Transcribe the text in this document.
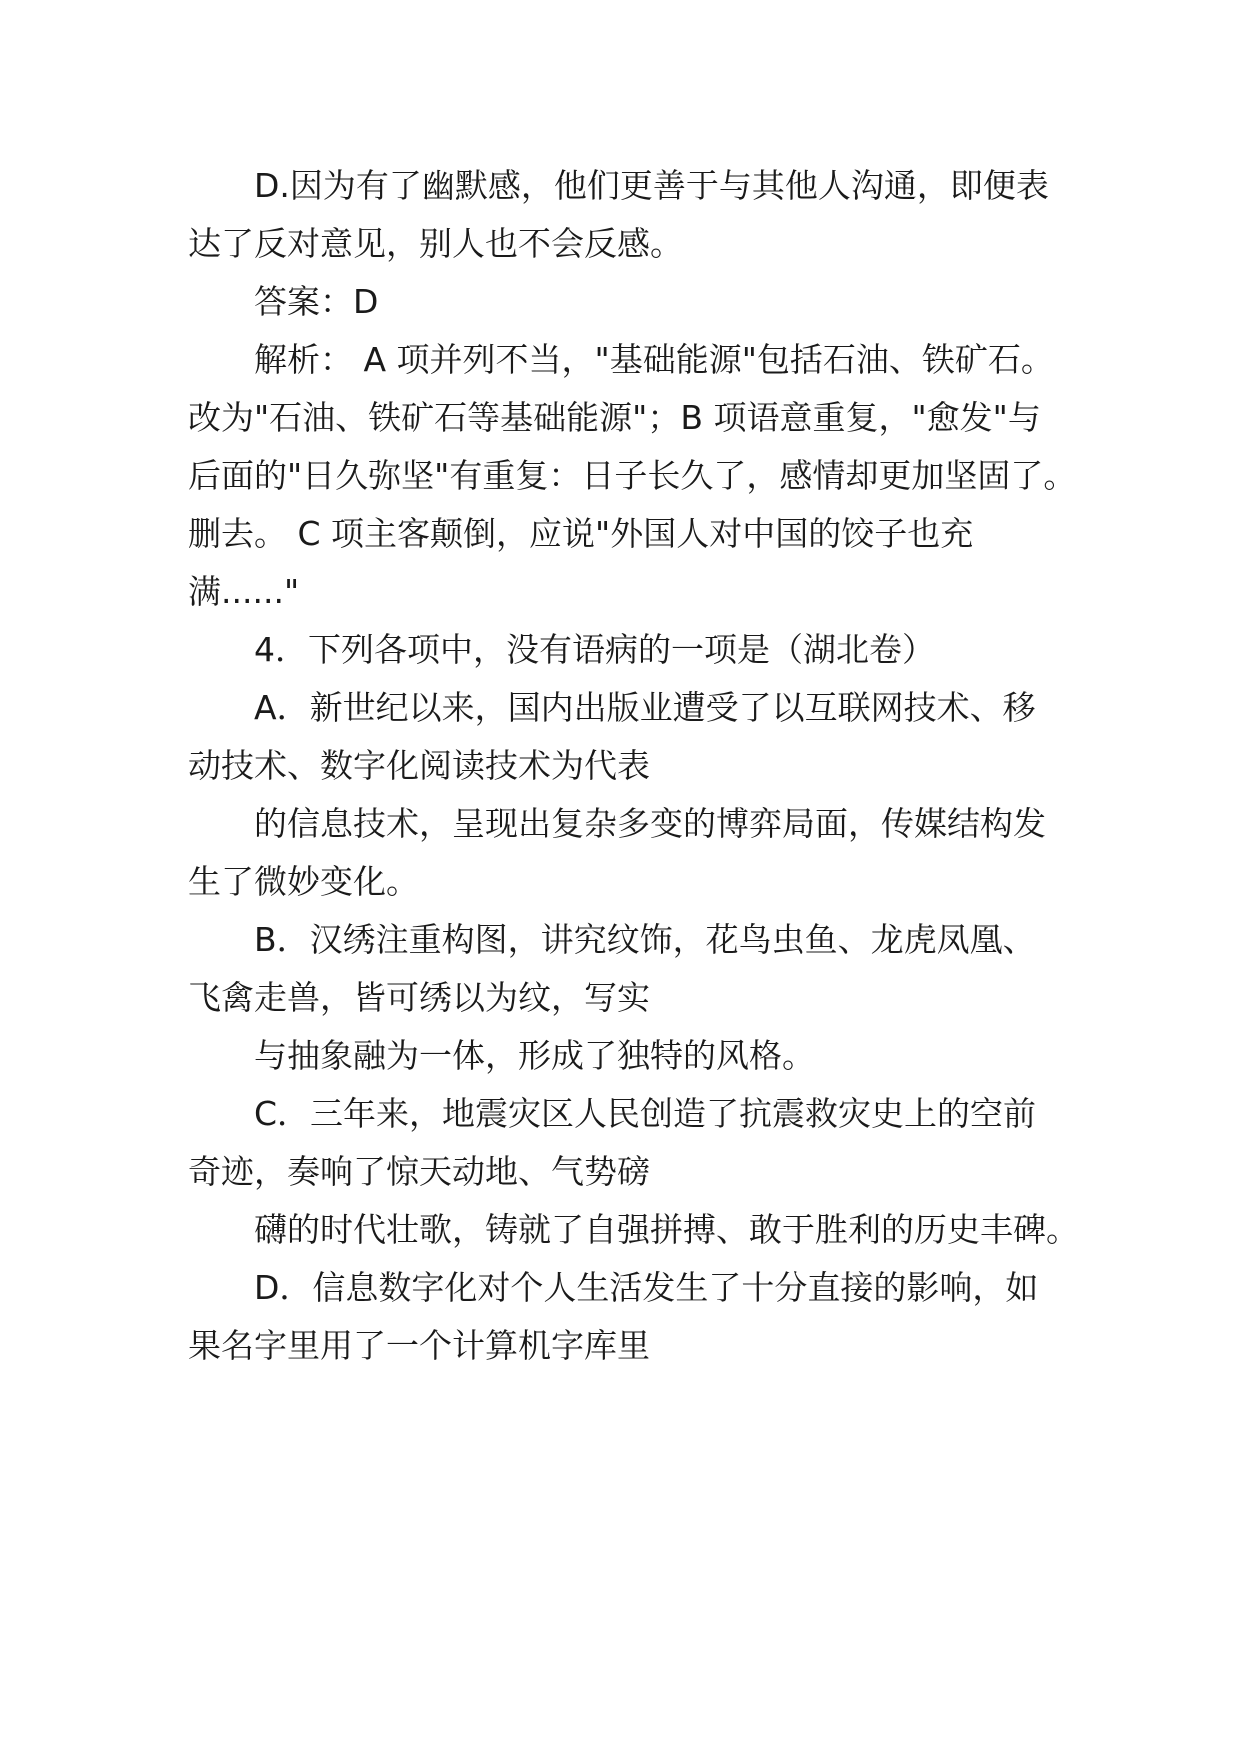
D.因为有了幽默感，他们更善于与其他人沟通，即便表
达了反对意见，别人也不会反感。
答案：D
解析： A 项并列不当，"基础能源"包括石油、铁矿石。
改为"石油、铁矿石等基础能源"；B 项语意重复，"愈发"与
后面的"日久弥坚"有重复：日子长久了，感情却更加坚固了。
删去。 C 项主客颠倒，应说"外国人对中国的饺子也充
满......"
4．下列各项中，没有语病的一项是（湖北卷）
A．新世纪以来，国内出版业遭受了以互联网技术、移
动技术、数字化阅读技术为代表
的信息技术，呈现出复杂多变的博弈局面，传媒结构发
生了微妙变化。
B．汉绣注重构图，讲究纹饰，花鸟虫鱼、龙虎凤凰、
飞禽走兽，皆可绣以为纹，写实
与抽象融为一体，形成了独特的风格。
C．三年来，地震灾区人民创造了抗震救灾史上的空前
奇迹，奏响了惊天动地、气势磅
礴的时代壮歌，铸就了自强拼搏、敢于胜利的历史丰碑。
D．信息数字化对个人生活发生了十分直接的影响，如
果名字里用了一个计算机字库里
